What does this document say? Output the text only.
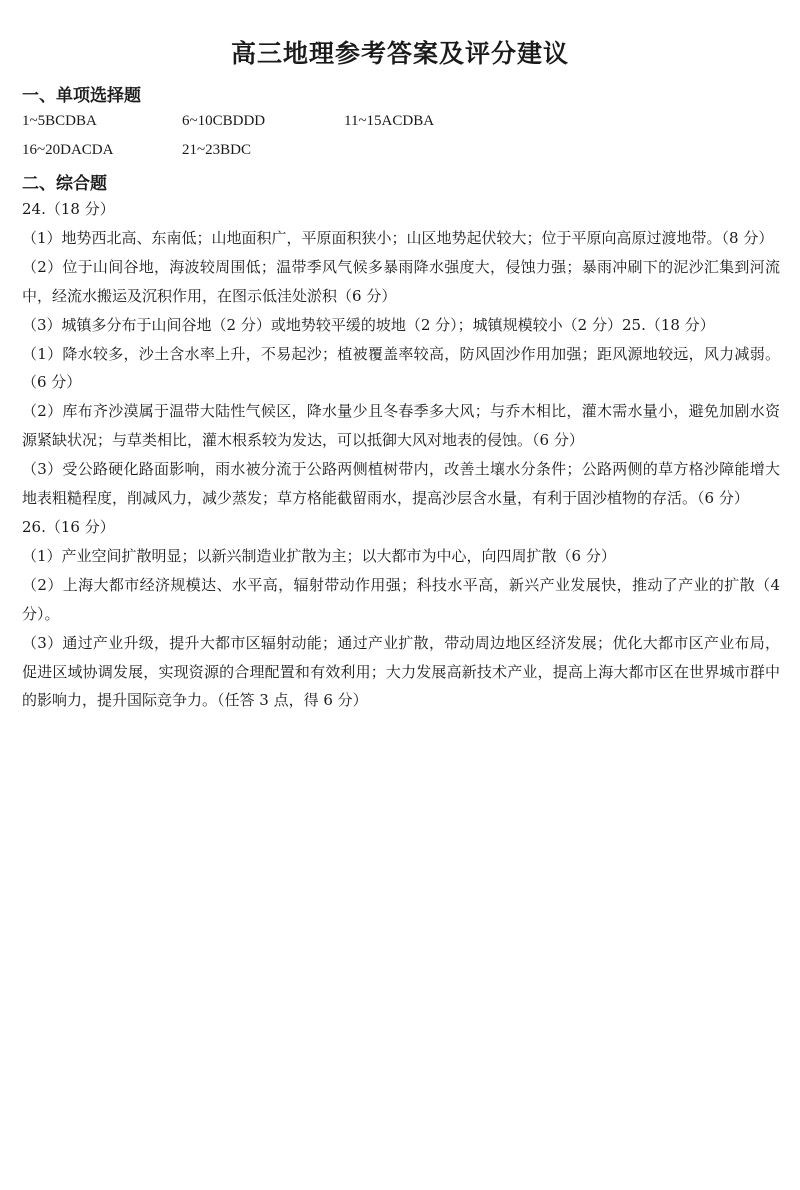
高三地理参考答案及评分建议
一、单项选择题
1~5BCDBA	6~10CBDDD	11~15ACDBA
16~20DACDA	21~23BDC
二、综合题

24.（18 分）

（1）地势西北高、东南低；山地面积广，平原面积狭小；山区地势起伏较大；位于平原向高原过渡地带。（8 分）

（2）位于山间谷地，海波较周围低；温带季风气候多暴雨降水强度大，侵蚀力强；暴雨冲刷下的泥沙汇集到河流中，经流水搬运及沉积作用，在图示低洼处淤积（6 分）

（3）城镇多分布于山间谷地（2 分）或地势较平缓的坡地（2 分）；城镇规模较小（2 分）25.（18 分）

（1）降水较多，沙土含水率上升，不易起沙；植被覆盖率较高，防风固沙作用加强；距风源地较远，风力减弱。（6 分）

（2）库布齐沙漠属于温带大陆性气候区，降水量少且冬春季多大风；与乔木相比，灌木需水量小，避免加剧水资源紧缺状况；与草类相比，灌木根系较为发达，可以抵御大风对地表的侵蚀。（6 分）

（3）受公路硬化路面影响，雨水被分流于公路两侧植树带内，改善土壤水分条件；公路两侧的草方格沙障能增大地表粗糙程度，削减风力，减少蒸发；草方格能截留雨水，提高沙层含水量，有利于固沙植物的存活。（6 分）

26.（16 分）

（1）产业空间扩散明显；以新兴制造业扩散为主；以大都市为中心，向四周扩散（6 分）

（2）上海大都市经济规模达、水平高，辐射带动作用强；科技水平高，新兴产业发展快，推动了产业的扩散（4 分）。

（3）通过产业升级，提升大都市区辐射动能；通过产业扩散，带动周边地区经济发展；优化大都市区产业布局，促进区域协调发展，实现资源的合理配置和有效利用；大力发展高新技术产业，提高上海大都市区在世界城市群中的影响力，提升国际竞争力。（任答 3 点，得 6 分）
